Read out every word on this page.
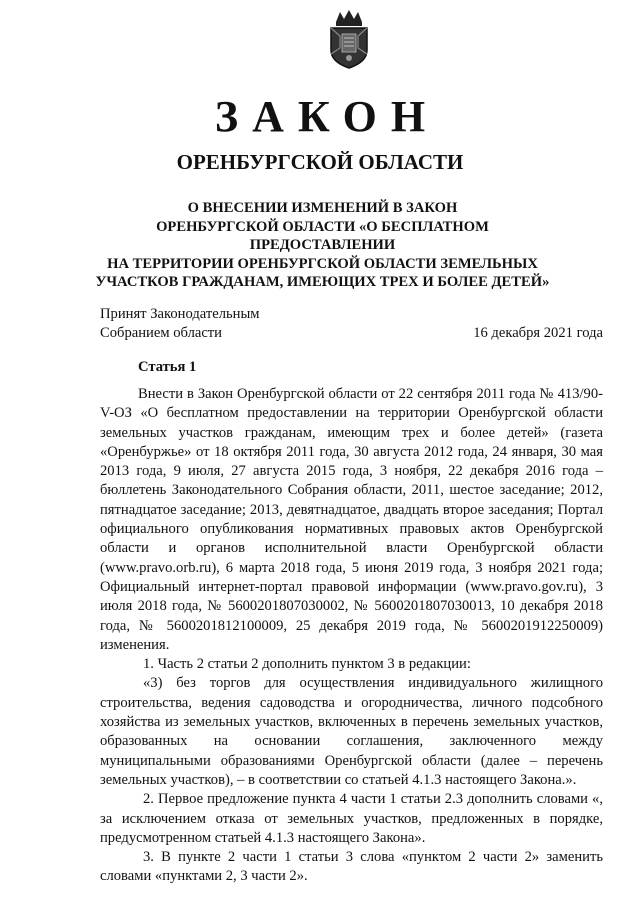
ЗАКОН
ОРЕНБУРГСКОЙ ОБЛАСТИ
О ВНЕСЕНИИ ИЗМЕНЕНИЙ В ЗАКОН
ОРЕНБУРГСКОЙ ОБЛАСТИ «О БЕСПЛАТНОМ ПРЕДОСТАВЛЕНИИ
НА ТЕРРИТОРИИ ОРЕНБУРГСКОЙ ОБЛАСТИ ЗЕМЕЛЬНЫХ
УЧАСТКОВ ГРАЖДАНАМ, ИМЕЮЩИХ ТРЕХ И БОЛЕЕ ДЕТЕЙ»
Принят Законодательным
Собранием области	16 декабря 2021 года
Статья 1

Внести в Закон Оренбургской области от 22 сентября 2011 года № 413/90-V-ОЗ «О бесплатном предоставлении на территории Оренбургской области земельных участков гражданам, имеющим трех и более детей» (газета «Оренбуржье» от 18 октября 2011 года, 30 августа 2012 года, 24 января, 30 мая 2013 года, 9 июля, 27 августа 2015 года, 3 ноября, 22 декабря 2016 года – бюллетень Законодательного Собрания области, 2011, шестое заседание; 2012, пятнадцатое заседание; 2013, девятнадцатое, двадцать второе заседания; Портал официального опубликования нормативных правовых актов Оренбургской области и органов исполнительной власти Оренбургской области (www.pravo.orb.ru), 6 марта 2018 года, 5 июня 2019 года, 3 ноября 2021 года; Официальный интернет-портал правовой информации (www.pravo.gov.ru), 3 июля 2018 года, № 5600201807030002, № 5600201807030013, 10 декабря 2018 года, № 5600201812100009, 25 декабря 2019 года, № 5600201912250009) изменения.

1. Часть 2 статьи 2 дополнить пунктом 3 в редакции:

«3) без торгов для осуществления индивидуального жилищного строительства, ведения садоводства и огородничества, личного подсобного хозяйства из земельных участков, включенных в перечень земельных участков, образованных на основании соглашения, заключенного между муниципальными образованиями Оренбургской области (далее – перечень земельных участков), – в соответствии со статьей 4.1.3 настоящего Закона.».

2. Первое предложение пункта 4 части 1 статьи 2.3 дополнить словами «, за исключением отказа от земельных участков, предложенных в порядке, предусмотренном статьей 4.1.3 настоящего Закона».

3. В пункте 2 части 1 статьи 3 слова «пунктом 2 части 2» заменить словами «пунктами 2, 3 части 2».
